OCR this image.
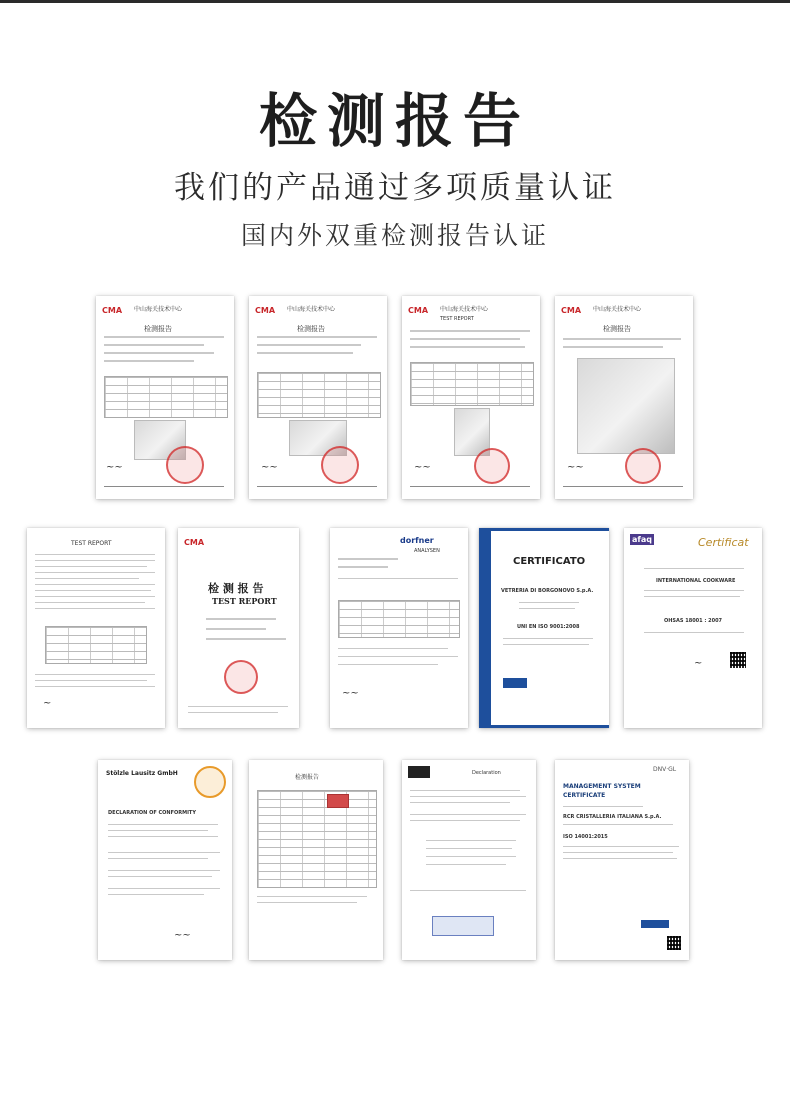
检测报告
我们的产品通过多项质量认证
国内外双重检测报告认证
CMA 中山海关技术中心
检测报告
~~
CMA 中山海关技术中心
检测报告
~~
CMA 中山海关技术中心
TEST REPORT
~~
CMA 中山海关技术中心
检测报告
~~
TEST REPORT
~
CMA
检 测 报 告
TEST REPORT
dorfner
ANALYSEN
~~
CERTIFICATO
VETRERIA DI BORGONOVO S.p.A.
UNI EN ISO 9001:2008
afaq	Certificat
INTERNATIONAL COOKWARE
OHSAS 18001 : 2007
~
Stölzle Lausitz GmbH
DECLARATION OF CONFORMITY
~~
检测报告
Declaration	DNV·GL
MANAGEMENT SYSTEM CERTIFICATE
RCR CRISTALLERIA ITALIANA S.p.A.
ISO 14001:2015
